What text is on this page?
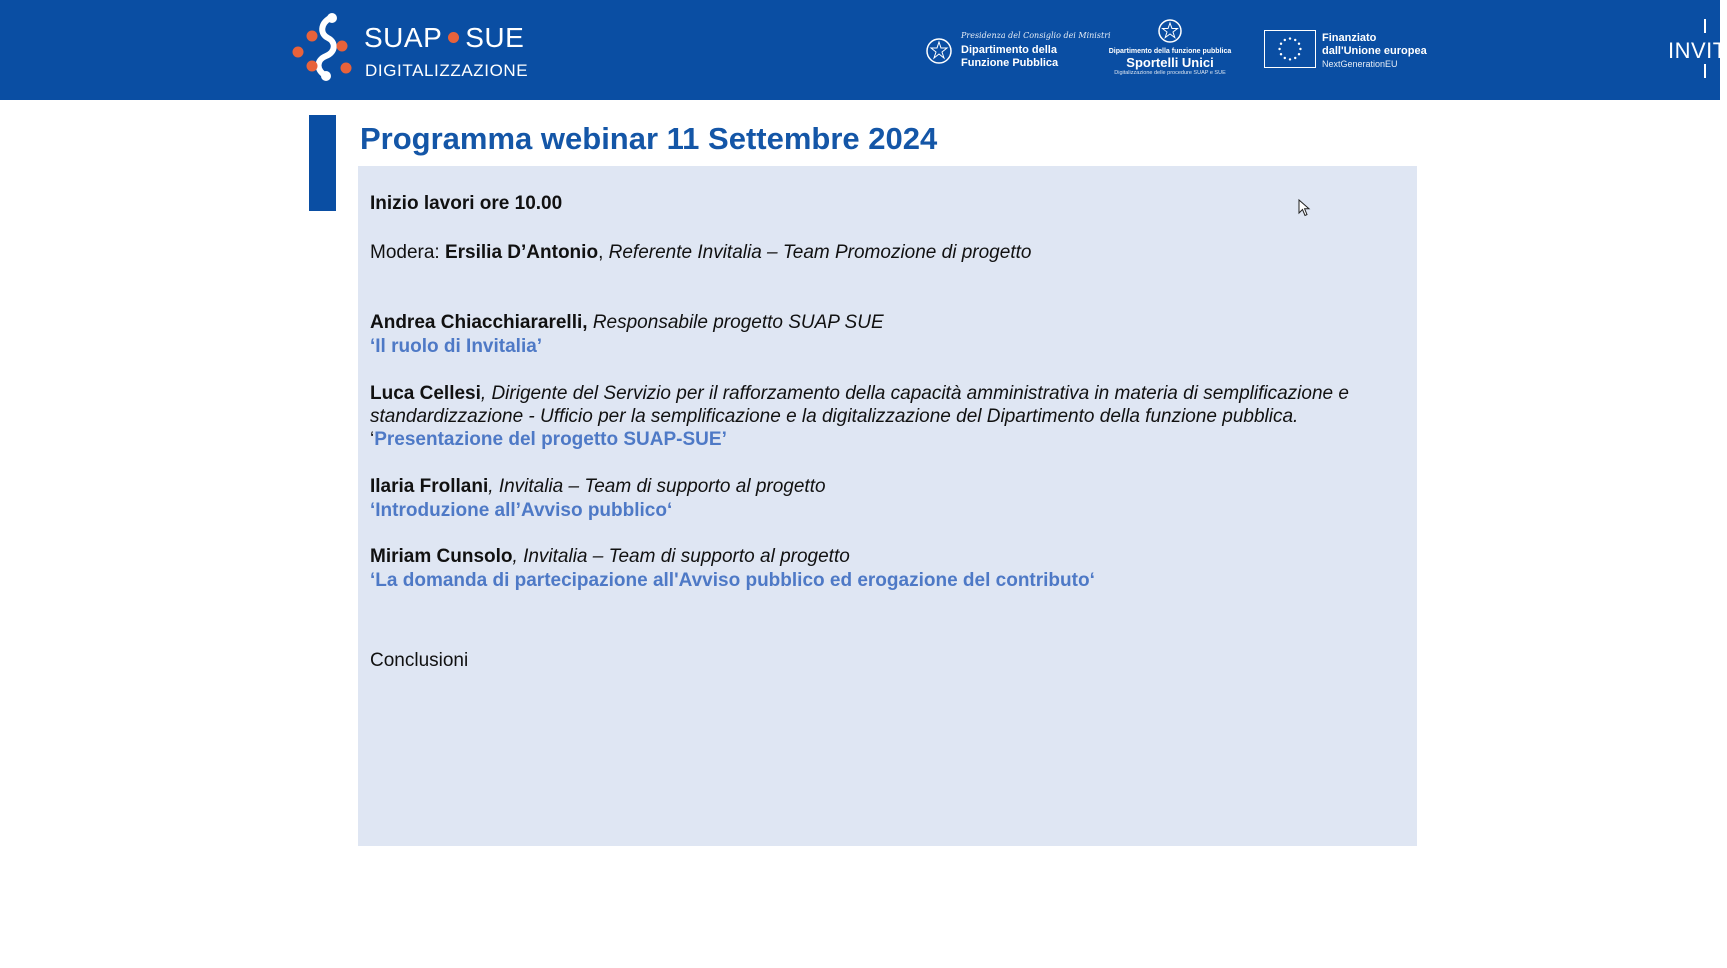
SUAP SUE
DIGITALIZZAZIONE
Presidenza del Consiglio dei Ministri
Dipartimento della
Funzione Pubblica
Dipartimento della funzione pubblica
Sportelli Unici
Digitalizzazione delle procedure SUAP e SUE
Finanziato
dall'Unione europea
NextGenerationEU
INVIT
Programma webinar 11 Settembre 2024
Inizio lavori ore 10.00
Modera: Ersilia D’Antonio, Referente Invitalia – Team Promozione di progetto
Andrea Chiacchiararelli, Responsabile progetto SUAP SUE
‘Il ruolo di Invitalia’
Luca Cellesi, Dirigente del Servizio per il rafforzamento della capacità amministrativa in materia di semplificazione e
standardizzazione - Ufficio per la semplificazione e la digitalizzazione del Dipartimento della funzione pubblica.
‘Presentazione del progetto SUAP-SUE’
Ilaria Frollani, Invitalia – Team di supporto al progetto
‘Introduzione all’Avviso pubblico‘
Miriam Cunsolo, Invitalia – Team di supporto al progetto
‘La domanda di partecipazione all'Avviso pubblico ed erogazione del contributo‘
Conclusioni
